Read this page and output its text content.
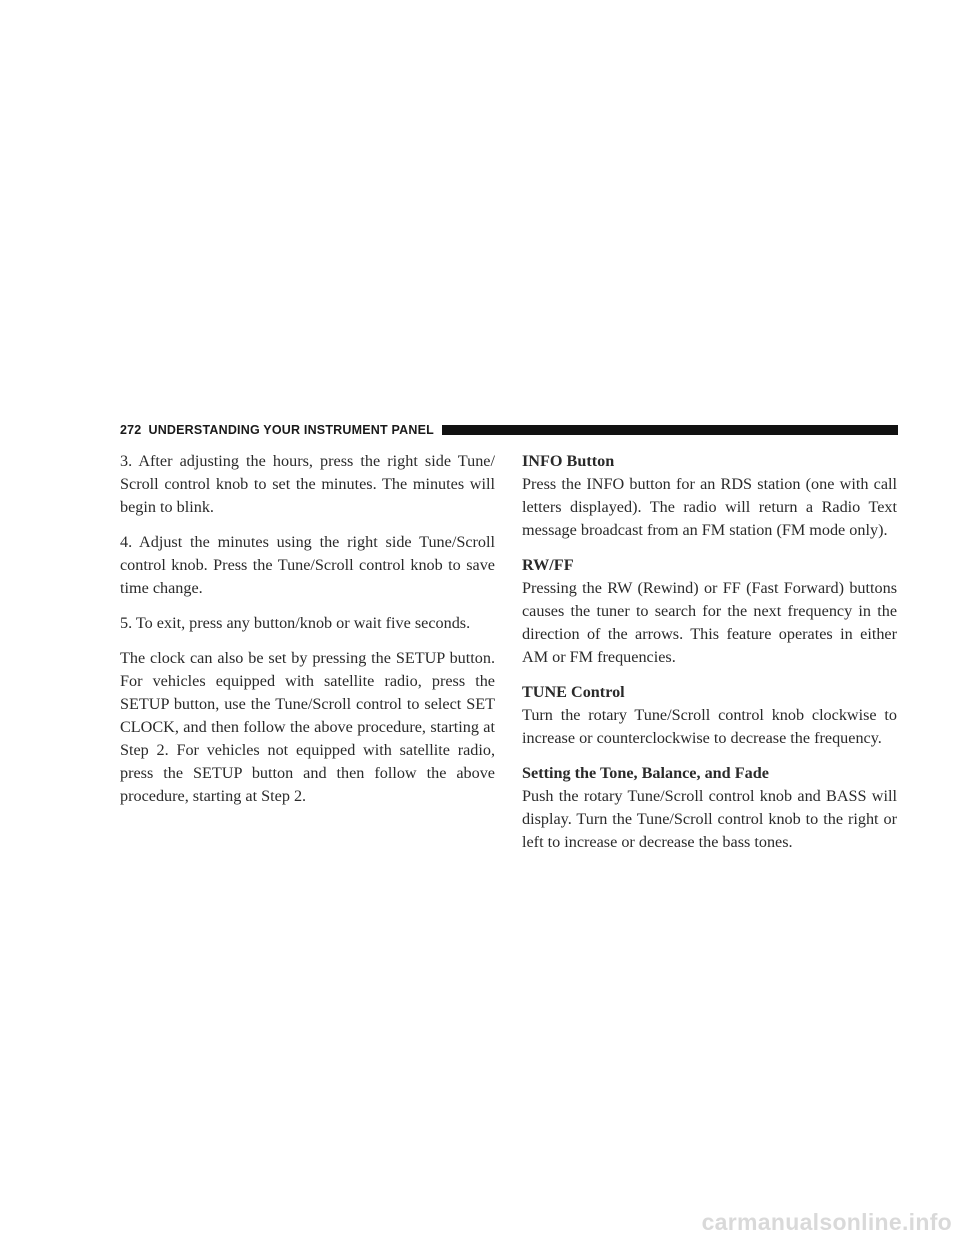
272 UNDERSTANDING YOUR INSTRUMENT PANEL

3. After adjusting the hours, press the right side Tune/ Scroll control knob to set the minutes. The minutes will begin to blink.

4. Adjust the minutes using the right side Tune/Scroll control knob. Press the Tune/Scroll control knob to save time change.

5. To exit, press any button/knob or wait five seconds.

The clock can also be set by pressing the SETUP button. For vehicles equipped with satellite radio, press the SETUP button, use the Tune/Scroll control to select SET CLOCK, and then follow the above procedure, starting at Step 2. For vehicles not equipped with satellite radio, press the SETUP button and then follow the above procedure, starting at Step 2.

INFO Button

Press the INFO button for an RDS station (one with call letters displayed). The radio will return a Radio Text message broadcast from an FM station (FM mode only).

RW/FF

Pressing the RW (Rewind) or FF (Fast Forward) buttons causes the tuner to search for the next frequency in the direction of the arrows. This feature operates in either AM or FM frequencies.

TUNE Control

Turn the rotary Tune/Scroll control knob clockwise to increase or counterclockwise to decrease the frequency.

Setting the Tone, Balance, and Fade

Push the rotary Tune/Scroll control knob and BASS will display. Turn the Tune/Scroll control knob to the right or left to increase or decrease the bass tones.

carmanualsonline.info
